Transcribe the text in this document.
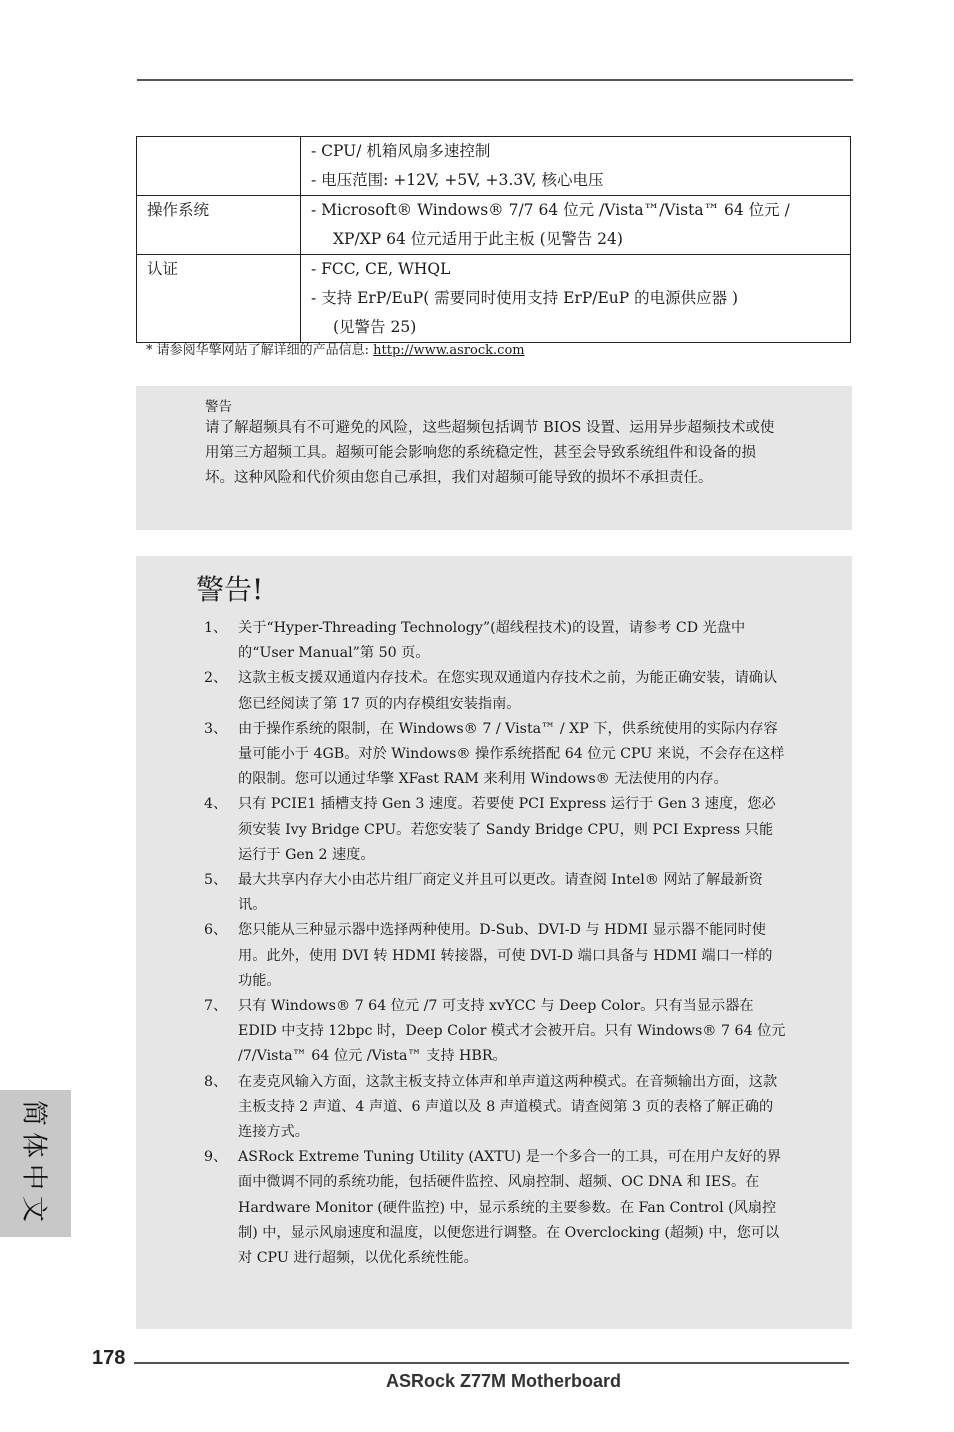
	- CPU/ 机箱风扇多速控制
- 电压范围: +12V, +5V, +3.3V, 核心电压

操作系统	- Microsoft® Windows® 7/7 64 位元 /Vista™/Vista™ 64 位元 /
XP/XP 64 位元适用于此主板 (见警告 24)

认证	- FCC, CE, WHQL
- 支持 ErP/EuP( 需要同时使用支持 ErP/EuP 的电源供应器 )
(见警告 25)
* 请参阅华擎网站了解详细的产品信息: http://www.asrock.com
警告
请了解超频具有不可避免的风险，这些超频包括调节 BIOS 设置、运用异步超频技术或使用第三方超频工具。超频可能会影响您的系统稳定性，甚至会导致系统组件和设备的损坏。这种风险和代价须由您自己承担，我们对超频可能导致的损坏不承担责任。
警告!
1、 关于“Hyper-Threading Technology”(超线程技术)的设置，请参考 CD 光盘中的“User Manual”第 50 页。
2、 这款主板支援双通道内存技术。在您实现双通道内存技术之前，为能正确安装，请确认您已经阅读了第 17 页的内存模组安装指南。
3、 由于操作系统的限制，在 Windows® 7 / Vista™ / XP 下，供系统使用的实际内存容量可能小于 4GB。对於 Windows® 操作系统搭配 64 位元 CPU 来说，不会存在这样的限制。您可以通过华擎 XFast RAM 来利用 Windows® 无法使用的内存。
4、 只有 PCIE1 插槽支持 Gen 3 速度。若要使 PCI Express 运行于 Gen 3 速度，您必须安装 Ivy Bridge CPU。若您安装了 Sandy Bridge CPU，则 PCI Express 只能运行于 Gen 2 速度。
5、 最大共享内存大小由芯片组厂商定义并且可以更改。请查阅 Intel® 网站了解最新资讯。
6、 您只能从三种显示器中选择两种使用。D-Sub、DVI-D 与 HDMI 显示器不能同时使用。此外，使用 DVI 转 HDMI 转接器，可使 DVI-D 端口具备与 HDMI 端口一样的功能。
7、 只有 Windows® 7 64 位元 /7 可支持 xvYCC 与 Deep Color。只有当显示器在 EDID 中支持 12bpc 时，Deep Color 模式才会被开启。只有 Windows® 7 64 位元 /7/Vista™ 64 位元 /Vista™ 支持 HBR。
8、 在麦克风输入方面，这款主板支持立体声和单声道这两种模式。在音频输出方面，这款主板支持 2 声道、4 声道、6 声道以及 8 声道模式。请查阅第 3 页的表格了解正确的连接方式。
9、 ASRock Extreme Tuning Utility (AXTU) 是一个多合一的工具，可在用户友好的界面中微调不同的系统功能，包括硬件监控、风扇控制、超频、OC DNA 和 IES。在 Hardware Monitor (硬件监控) 中，显示系统的主要参数。在 Fan Control (风扇控制) 中，显示风扇速度和温度，以便您进行调整。在 Overclocking (超频) 中，您可以对 CPU 进行超频，以优化系统性能。
简体中文
178
ASRock Z77M Motherboard
